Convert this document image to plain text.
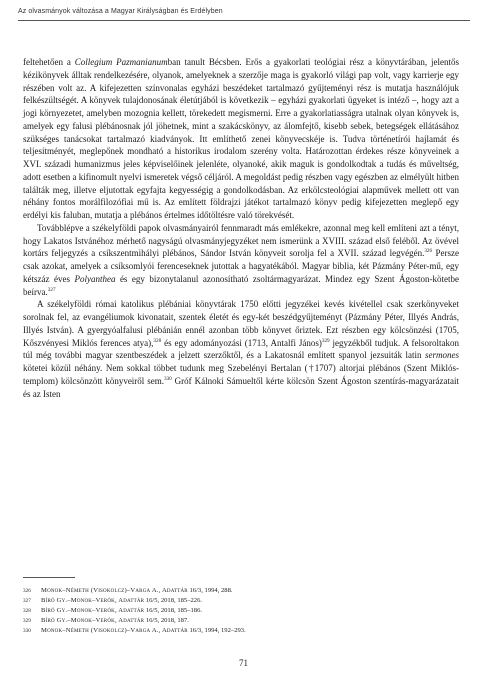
Az olvasmányok változása a Magyar Királyságban és Erdélyben

feltehetően a Collegium Pazmanianumban tanult Bécsben. Erős a gyakorlati teológiai rész a könyvtárában, jelentős kézikönyvek álltak rendelkezésére, olyanok, amelyeknek a szerzője maga is gyakorló világi pap volt, vagy karrierje egy részében volt az. A kifejezetten színvonalas egyházi beszédeket tartalmazó gyűjteményi rész is mutatja használójuk felkészültségét. A könyvek tulajdonosának életútjából is következik – egyházi gyakorlati ügyeket is intéző –, hogy azt a jogi környezetet, amelyben mozognia kellett, törekedett megismerni. Erre a gyakorlatiasságra utalnak olyan könyvek is, amelyek egy falusi plébánosnak jól jöhetnek, mint a szakácskönyv, az álomfejtő, kisebb sebek, betegségek ellátásához szükséges tanácsokat tartalmazó kiadványok. Itt említhető zenei könyvecskéje is. Tudva történetírói hajlamát és teljesítményét, meglepőnek mondható a historikus irodalom szerény volta. Határozottan érdekes része könyveinek a XVI. századi humanizmus jeles képviselőinek jelenléte, olyanoké, akik maguk is gondolkodtak a tudás és műveltség, adott esetben a kifinomult nyelvi ismeretek végső céljáról. A megoldást pedig részben vagy egészben az elmélyült hitben találták meg, illetve eljutottak egyfajta kegyességig a gondolkodásban. Az erkölcsteológiai alapművek mellett ott van néhány fontos morálfilozófiai mű is. Az említett földrajzi játékot tartalmazó könyv pedig kifejezetten meglepő egy erdélyi kis faluban, mutatja a plébános értelmes időtöltésre való törekvését.

Továbblépve a székelyföldi papok olvasmányairól fennmaradt más emlékekre, azonnal meg kell említeni azt a tényt, hogy Lakatos Istvánéhoz mérhető nagyságú olvasmányjegyzéket nem ismerünk a XVIII. század első feléből. Az övével kortárs feljegyzés a csíkszentmihályi plébános, Sándor István könyveit sorolja fel a XVII. század legvégén.$^{326}$ Persze csak azokat, amelyek a csíksomlyói ferenceseknek jutottak a hagyatékából. Magyar biblia, két Pázmány Péter-mű, egy kétszáz éves Polyanthea és egy bizonytalanul azonosítható zsoltármagyarázat. Mindez egy Szent Ágoston-kötetbe beírva.$^{327}$

A székelyföldi római katolikus plébániai könyvtárak 1750 előtti jegyzékei kevés kivétellel csak szerkönyveket sorolnak fel, az evangéliumok kivonatait, szentek életét és egy-két beszédgyűjteményt (Pázmány Péter, Illyés András, Illyés István). A gyergyóalfalusi plébánián ennél azonban több könyvet őriztek. Ezt részben egy kölcsönzési (1705, Kőszvényesi Miklós ferences atya),$^{328}$ és egy adományozási (1713, Antalfi János)$^{329}$ jegyzékből tudjuk. A felsoroltakon túl még további magyar szentbeszédek a jelzett szerzőktől, és a Lakatosnál említett spanyol jezsuiták latin sermones kötetei közül néhány. Nem sokkal többet tudunk meg Szebelényi Bertalan (†1707) altorjai plébános (Szent Miklós-templom) kölcsönzött könyveiről sem.$^{330}$ Gróf Kálnoki Sámueltől kérte kölcsön Szent Ágoston szentírás-magyarázatait és az Isten

326	Monok–Németh (Visokolcz)–Varga A., Adattár 16/3, 1994, 288.
327	Bíró Gy.–Monok–Verók, Adattár 16/5, 2018, 185–226.
328	Bíró Gy.–Monok–Verók, Adattár 16/5, 2018, 185–186.
329	Bíró Gy.–Monok–Verók, Adattár 16/5, 2018, 187.
330	Monok–Németh (Visokolcz)–Varga A., Adattár 16/3, 1994, 192–293.
71
